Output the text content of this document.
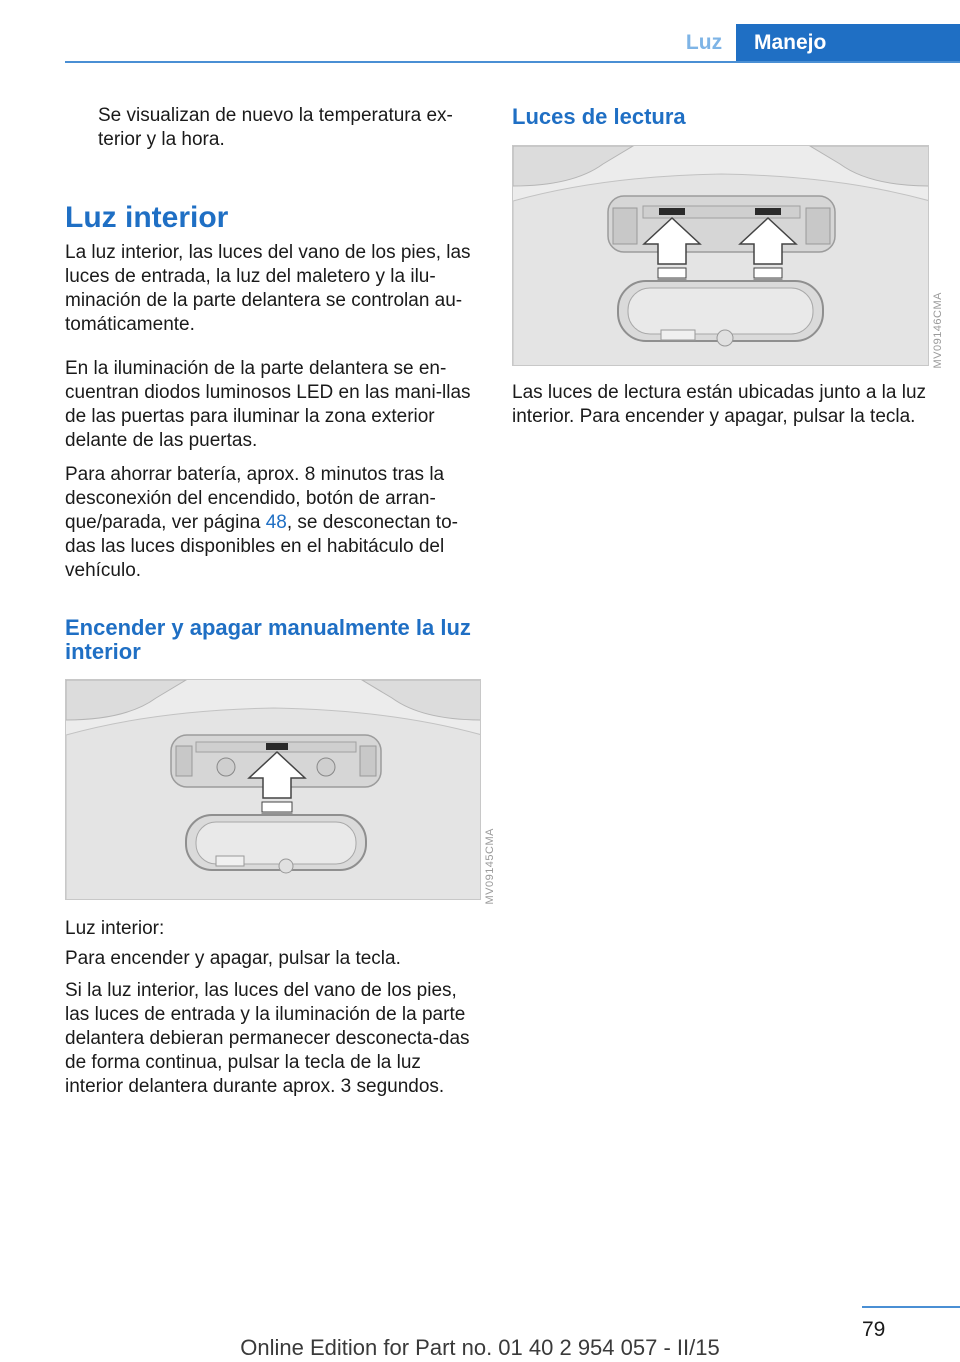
Luz	Manejo

Se visualizan de nuevo la temperatura ex‐terior y la hora.

Luz interior

La luz interior, las luces del vano de los pies, las luces de entrada, la luz del maletero y la ilu‐minación de la parte delantera se controlan au‐tomáticamente.

En la iluminación de la parte delantera se en‐cuentran diodos luminosos LED en las mani‐llas de las puertas para iluminar la zona exterior delante de las puertas.

Para ahorrar batería, aprox. 8 minutos tras la desconexión del encendido, botón de arran‐que/parada, ver página 48, se desconectan to‐das las luces disponibles en el habitáculo del vehículo.

Encender y apagar manualmente la luz interior
MV09145CMA

Luz interior:

Para encender y apagar, pulsar la tecla.

Si la luz interior, las luces del vano de los pies, las luces de entrada y la iluminación de la parte delantera debieran permanecer desconecta‐das de forma continua, pulsar la tecla de la luz interior delantera durante aprox. 3 segundos.

Luces de lectura
MV09146CMA

Las luces de lectura están ubicadas junto a la luz interior. Para encender y apagar, pulsar la tecla.

79
Online Edition for Part no. 01 40 2 954 057 - II/15
